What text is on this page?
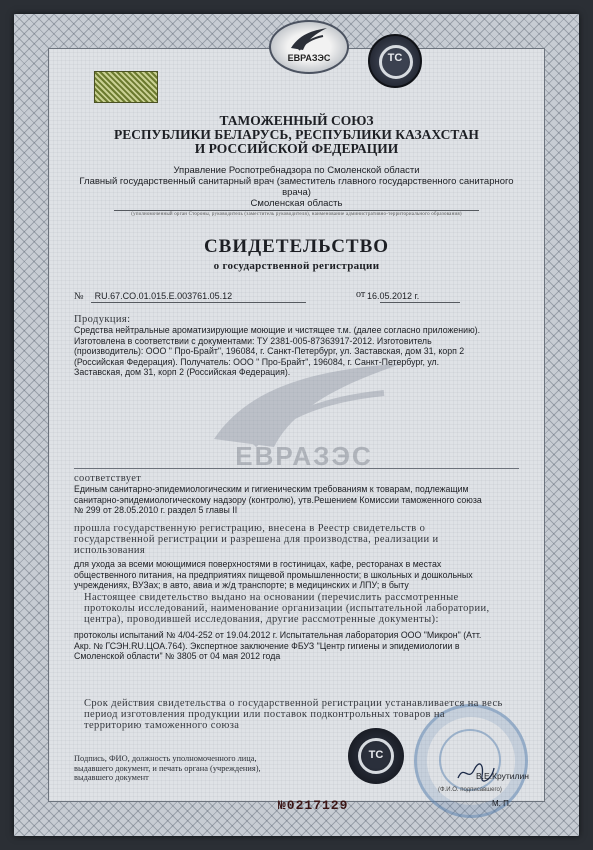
ЕВРАЗЭС	ТС
ТАМОЖЕННЫЙ СОЮЗ
РЕСПУБЛИКИ БЕЛАРУСЬ, РЕСПУБЛИКИ КАЗАХСТАН
И РОССИЙСКОЙ ФЕДЕРАЦИИ
Управление Роспотребнадзора по Смоленской области
Главный государственный санитарный врач (заместитель главного государственного санитарного
врача)
Смоленская область
(уполномоченный орган Стороны, руководитель (заместитель руководителя), наименование административно-территориального образования)
СВИДЕТЕЛЬСТВО
о государственной регистрации
№ RU.67.CO.01.015.E.003761.05.12	от 16.05.2012 г.
ЕВРАЗЭС
Продукция:
Средства нейтральные ароматизирующие моющие и чистящее т.м. (далее согласно приложению).
Изготовлена в соответствии с документами: ТУ 2381-005-87363917-2012. Изготовитель
(производитель): ООО " Про-Брайт", 196084, г. Санкт-Петербург, ул. Заставская, дом 31, корп 2
(Российская Федерация). Получатель: ООО " Про-Брайт", 196084, г. Санкт-Петербург, ул.
Заставская, дом 31, корп 2 (Российская Федерация).
соответствует
Единым санитарно-эпидемиологическим и гигиеническим требованиям к товарам, подлежащим
санитарно-эпидемиологическому надзору (контролю), утв.Решением Комиссии таможенного союза
№ 299 от 28.05.2010 г. раздел 5 главы II
прошла государственную регистрацию, внесена в Реестр свидетельств о
государственной регистрации и разрешена для производства, реализации и
использования
для ухода за всеми моющимися поверхностями в гостиницах, кафе, ресторанах в местах
общественного питания, на предприятиях пищевой промышленности; в школьных и дошкольных
учреждениях, ВУЗах; в авто, авиа и ж/д транспорте; в медицинских и ЛПУ; в быту
Настоящее свидетельство выдано на основании (перечислить рассмотренные
протоколы исследований, наименование организации (испытательной лаборатории,
центра), проводившей исследования, другие рассмотренные документы):
протоколы испытаний № 4/04-252 от 19.04.2012 г. Испытательная лаборатория ООО "Микрон" (Атт.
Акр. № ГСЭН.RU.ЦОА.764). Экспертное заключение ФБУЗ "Центр гигиены и эпидемиологии в
Смоленской области" № 3805 от 04 мая 2012 года
Срок действия свидетельства о государственной регистрации устанавливается на весь
период изготовления продукции или поставок подконтрольных товаров на
территорию таможенного союза
ТС
Подпись, ФИО, должность уполномоченного лица,
выдавшего документ, и печать органа (учреждения),
выдавшего документ	В.Е.Крутилин
(Ф.И.О. подписавшего)
М. П.
№0217129
